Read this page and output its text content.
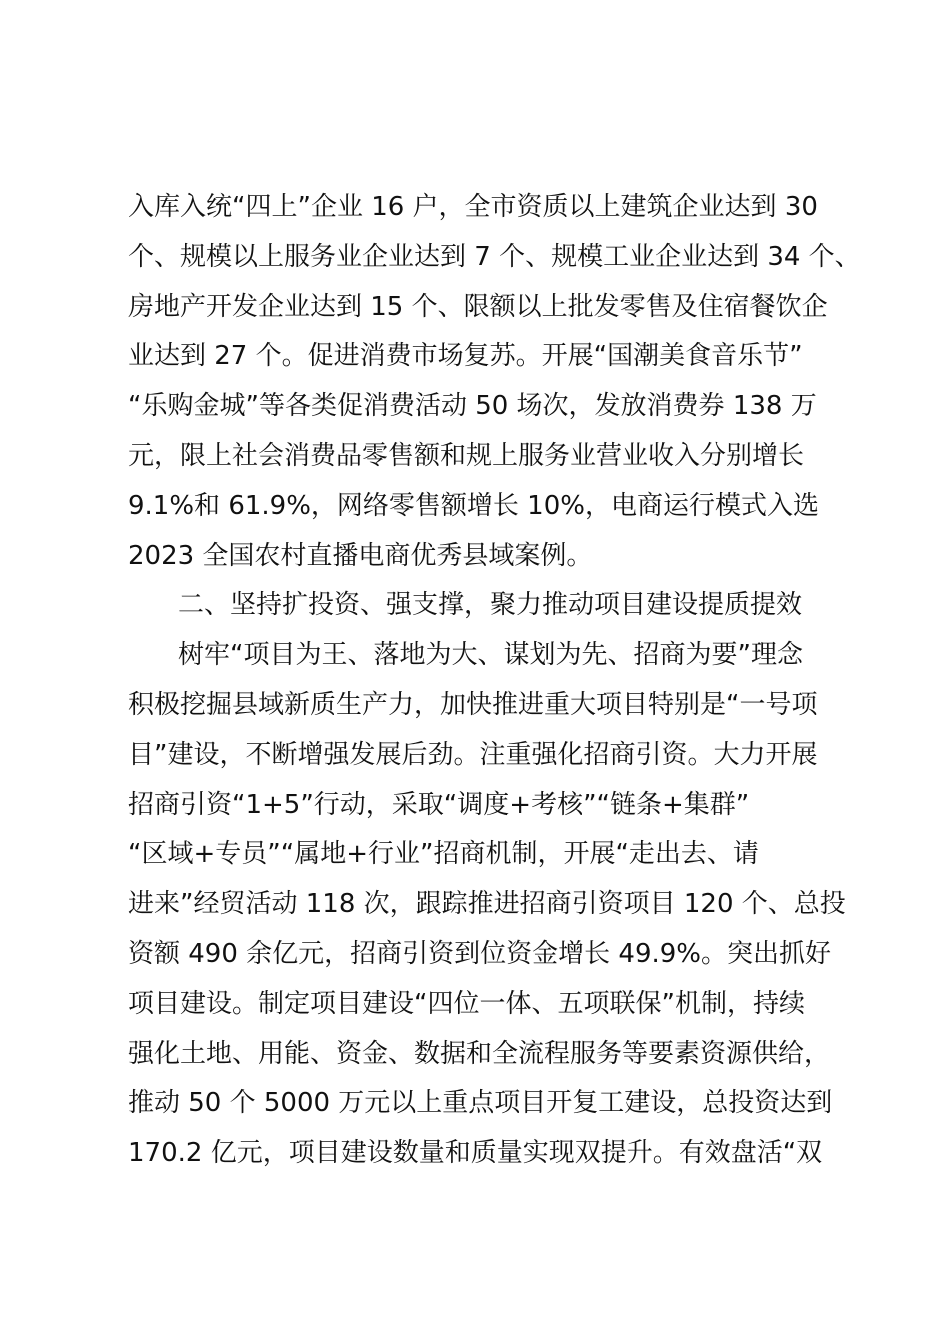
入库入统“四上”企业 16 户，全市资质以上建筑企业达到 30
个、规模以上服务业企业达到 7 个、规模工业企业达到 34 个、
房地产开发企业达到 15 个、限额以上批发零售及住宿餐饮企
业达到 27 个。促进消费市场复苏。开展“国潮美食音乐节”
“乐购金城”等各类促消费活动 50 场次，发放消费券 138 万
元，限上社会消费品零售额和规上服务业营业收入分别增长
9.1%和 61.9%，网络零售额增长 10%，电商运行模式入选
2023 全国农村直播电商优秀县域案例。
二、坚持扩投资、强支撑，聚力推动项目建设提质提效
树牢“项目为王、落地为大、谋划为先、招商为要”理念
积极挖掘县域新质生产力，加快推进重大项目特别是“一号项
目”建设，不断增强发展后劲。注重强化招商引资。大力开展
招商引资“1+5”行动，采取“调度+考核”“链条+集群”
“区域+专员”“属地+行业”招商机制，开展“走出去、请
进来”经贸活动 118 次，跟踪推进招商引资项目 120 个、总投
资额 490 余亿元，招商引资到位资金增长 49.9%。突出抓好
项目建设。制定项目建设“四位一体、五项联保”机制，持续
强化土地、用能、资金、数据和全流程服务等要素资源供给，
推动 50 个 5000 万元以上重点项目开复工建设，总投资达到
170.2 亿元，项目建设数量和质量实现双提升。有效盘活“双
